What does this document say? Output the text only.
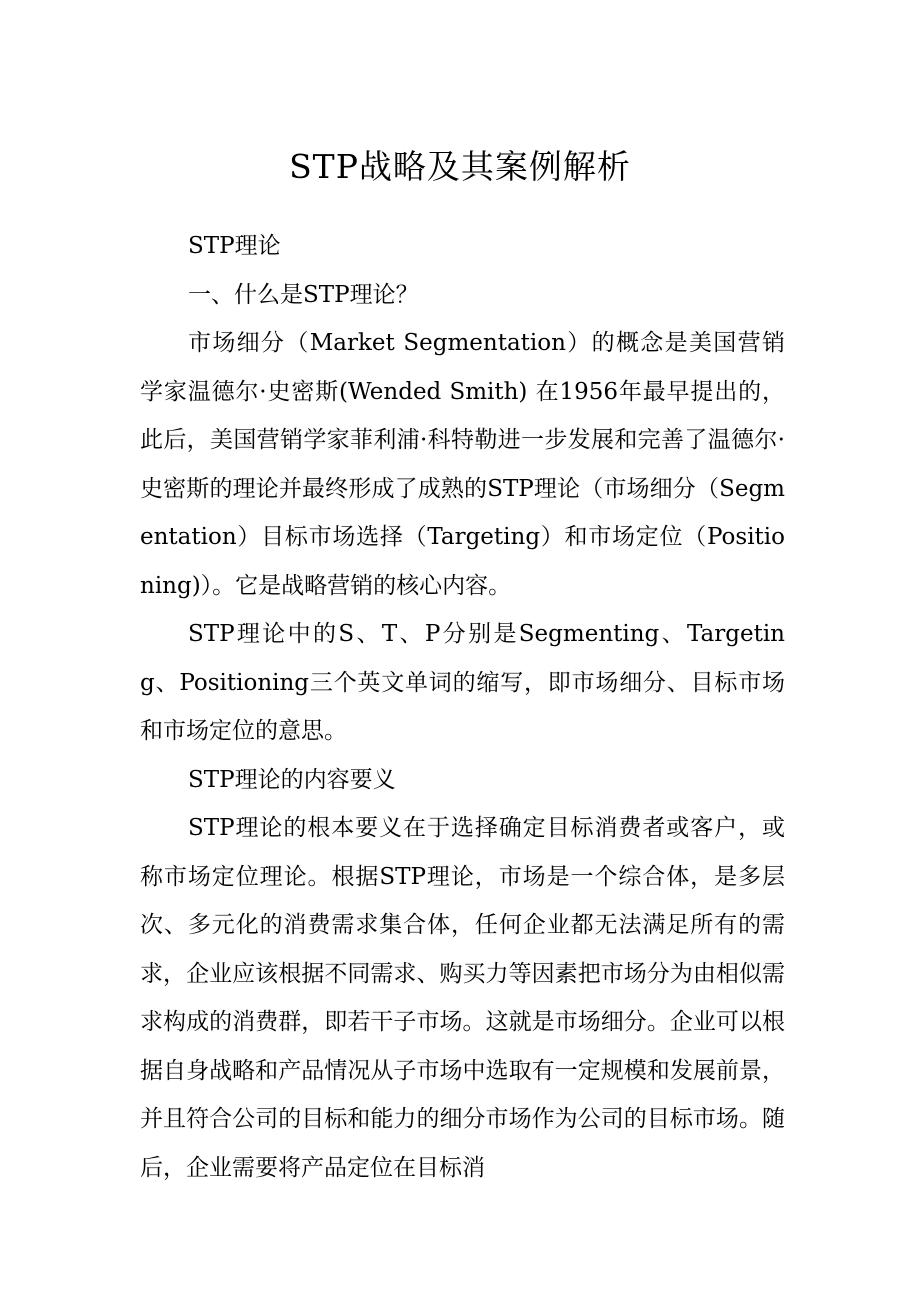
STP战略及其案例解析

STP理论

一、什么是STP理论？

市场细分（Market Segmentation）的概念是美国营销学家温德尔·史密斯(Wended Smith) 在1956年最早提出的，此后，美国营销学家菲利浦·科特勒进一步发展和完善了温德尔·史密斯的理论并最终形成了成熟的STP理论（市场细分（Segmentation）目标市场选择（Targeting）和市场定位（Positioning)）。它是战略营销的核心内容。

STP理论中的S、T、P分别是Segmenting、Targeting、Positioning三个英文单词的缩写，即市场细分、目标市场和市场定位的意思。

STP理论的内容要义

STP理论的根本要义在于选择确定目标消费者或客户，或称市场定位理论。根据STP理论，市场是一个综合体，是多层次、多元化的消费需求集合体，任何企业都无法满足所有的需求，企业应该根据不同需求、购买力等因素把市场分为由相似需求构成的消费群，即若干子市场。这就是市场细分。企业可以根据自身战略和产品情况从子市场中选取有一定规模和发展前景，并且符合公司的目标和能力的细分市场作为公司的目标市场。随后，企业需要将产品定位在目标消
